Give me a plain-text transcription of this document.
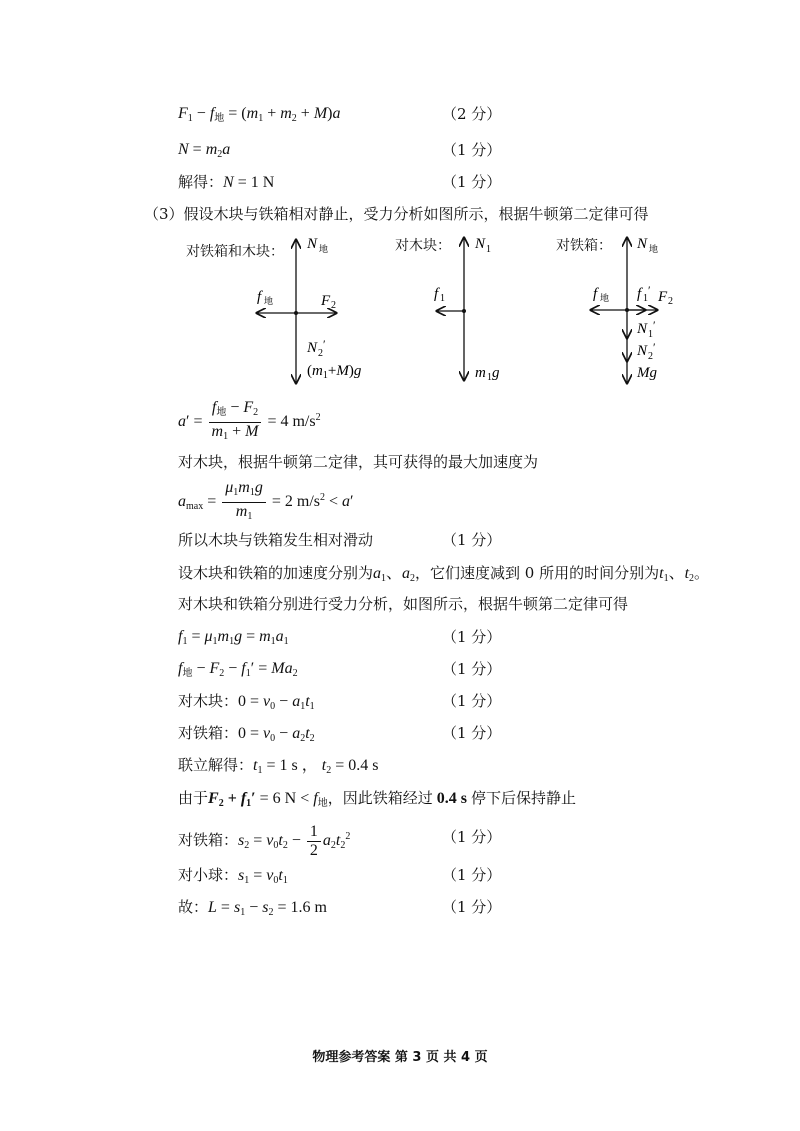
$F_1 - f_地 = (m_1 + m_2 + M)a$	（2 分）
$N = m_2a$	（1 分）
解得：N = 1 N	（1 分）
（3）假设木块与铁箱相对静止，受力分析如图所示，根据牛顿第二定律可得
对铁箱和木块： N 地
f 地	F 2
N 2
′
$(m_1+M)g$
对木块： N 1
f 1
m 1 g
对铁箱： N 地
f 地 f 1
′ F 2
N 1
′
N 2
′
Mg
$a' = \frac{f_地 - F_2}{m_1 + M} = 4$ $m/s^2$
对木块，根据牛顿第二定律，其可获得的最大加速度为
$a_{max} = \frac{\mu_1m_1g}{m_1} = 2$ $m/s^2 < a'$
所以木块与铁箱发生相对滑动	（1 分）
设木块和铁箱的加速度分别为$a_1$、$a_2$，它们速度减到 0 所用的时间分别为$t_1$、$t_2$。
对木块和铁箱分别进行受力分析，如图所示，根据牛顿第二定律可得
$f_1 = \mu_1m_1g = m_1a_1$	（1 分）
$f_地 - F_2 - f_1' = Ma_2$	（1 分）
对木块：$0 = v_0 - a_1t_1$	（1 分）
对铁箱：$0 = v_0 - a_2t_2$	（1 分）
联立解得：$t_1 = 1$ s ， $t_2 = 0.4$ s
由于$F_2 + f_1' = 6$ $N < f_地$，因此铁箱经过 0.4 s 停下后保持静止
对铁箱：$s_2 = v_0t_2 - \frac{1}{2} a_2t_2^2$	（1 分）
对小球：$s_1 = v_0t_1$	（1 分）
故：$L = s_1 - s_2 = 1.6$ m	（1 分）
物理参考答案 第 3 页 共 4 页
